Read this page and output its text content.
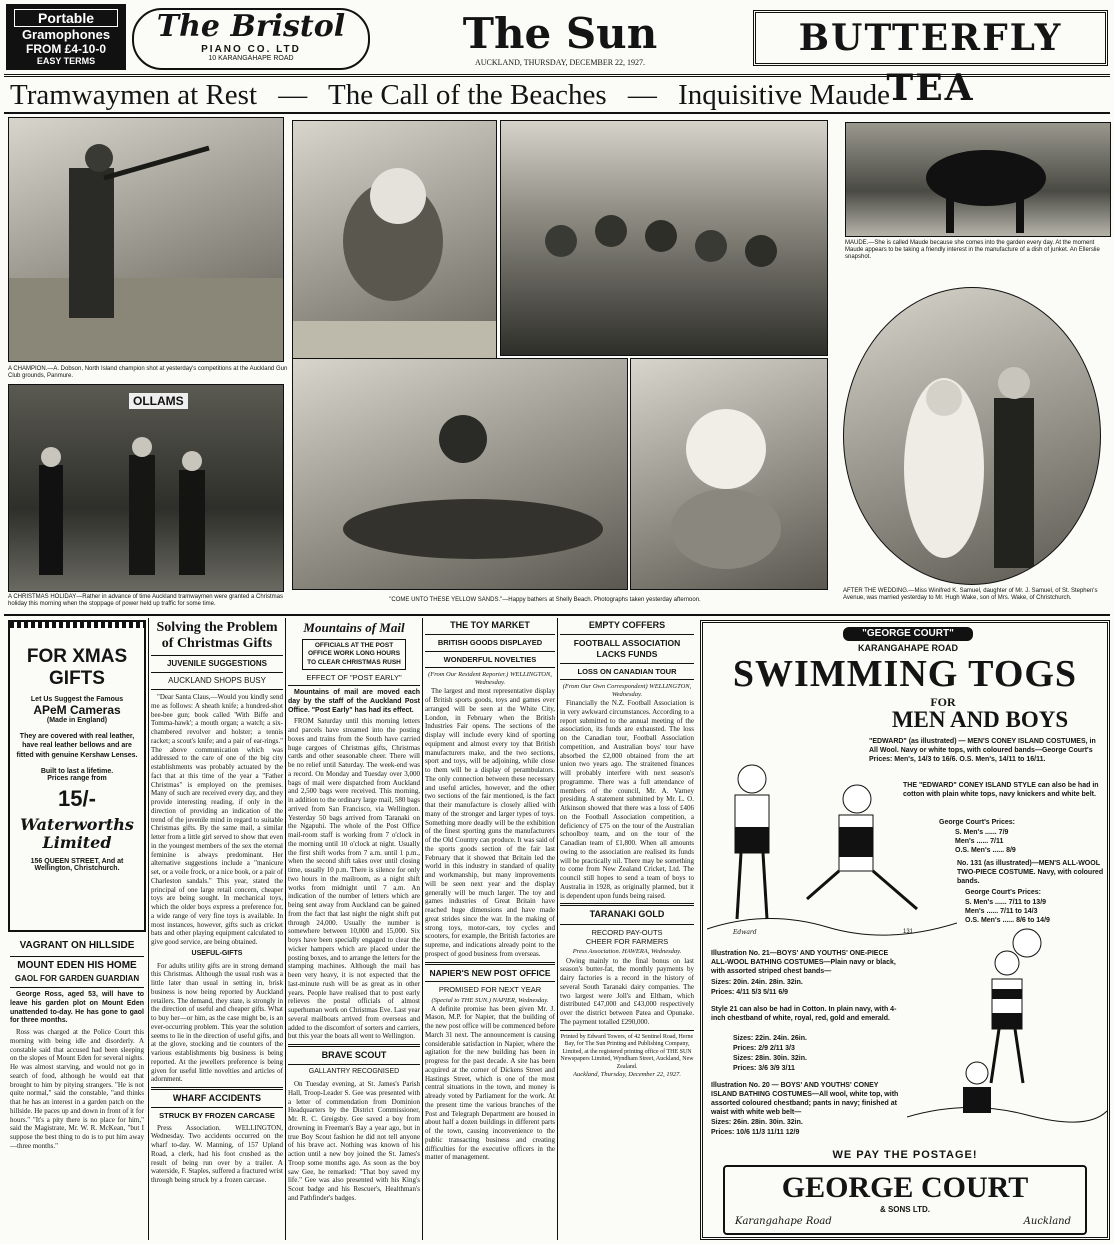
Portable
Gramophones
FROM £4-10-0
EASY TERMS
The Bristol
PIANO CO. LTD
10 KARANGAHAPE ROAD
The Sun
AUCKLAND, THURSDAY, DECEMBER 22, 1927.
BUTTERFLY TEA
Tramwaymen at Rest — The Call of the Beaches — Inquisitive Maude
A CHAMPION.—A. Dobson, North Island champion shot at yesterday's competitions at the Auckland Gun Club grounds, Panmure.
OLLAMS
A CHRISTMAS HOLIDAY—Rather in advance of time Auckland tramwaymen were granted a Christmas holiday this morning when the stoppage of power held up traffic for some time.
"COME UNTO THESE YELLOW SANDS."—Happy bathers at Shelly Beach. Photographs taken yesterday afternoon.
MAUDE.—She is called Maude because she comes into the garden every day. At the moment Maude appears to be taking a friendly interest in the manufacture of a dish of junket. An Ellerslie snapshot.
AFTER THE WEDDING.—Miss Winifred K. Samuel, daughter of Mr. J. Samuel, of St. Stephen's Avenue, was married yesterday to Mr. Hugh Wake, son of Mrs. Wake, of Christchurch.
FOR XMAS GIFTS
Let Us Suggest the Famous
APeM Cameras
(Made in England)
They are covered with real leather, have real leather bellows and are fitted with genuine Kershaw Lenses.
Built to last a lifetime.
Prices range from
15/-
Waterworths Limited
156 QUEEN STREET, And at Wellington, Christchurch.
VAGRANT ON HILLSIDE
MOUNT EDEN HIS HOME
GAOL FOR GARDEN GUARDIAN

George Ross, aged 53, will have to leave his garden plot on Mount Eden unattended to-day. He has gone to gaol for three months.

Ross was charged at the Police Court this morning with being idle and disorderly. A constable said that accused had been sleeping on the slopes of Mount Eden for several nights. He was almost starving, and would not go in search of food, although he would eat that brought to him by pitying strangers. "He is not quite normal," said the constable, "and thinks that he has an interest in a garden patch on the hillside. He paces up and down in front of it for hours." "It's a pity there is no place for him," said the Magistrate, Mr. W. R. McKean, "but I suppose the best thing to do is to put him away—three months."

Solving the Problem of Christmas Gifts
JUVENILE SUGGESTIONS
AUCKLAND SHOPS BUSY

"Dear Santa Claus,—Would you kindly send me as follows: A sheath knife; a hundred-shot bee-bee gun; book called 'With Biffe and Tomma-hawk'; a mouth organ; a watch; a six-chambered revolver and holster; a tennis racket; a scout's knife; and a pair of ear-rings." The above communication which was addressed to the care of one of the big city establishments was probably actuated by the fact that at this time of the year a "Father Christmas" is employed on the premises. Many of such are received every day, and they provide interesting reading, if only in the direction of providing an indication of the trend of the juvenile mind in regard to suitable Christmas gifts. By the same mail, a similar letter from a little girl served to show that even in the youngest members of the sex the eternal feminine is always predominant. Her alternative suggestions include a "manicure set, or a voile frock, or a nice book, or a pair of Charleston sandals." This year, stated the principal of one large retail concern, cheaper toys are being sought. In mechanical toys, which the older boys express a preference for, a wide range of very fine toys is available. In most instances, however, gifts such as cricket bats and other playing equipment calculated to give good service, are being obtained.

USEFUL-GIFTS

For adults utility gifts are in strong demand this Christmas. Although the usual rush was a little later than usual in setting in, brisk business is now being reported by Auckland retailers. The demand, they state, is strongly in the direction of useful and cheaper gifts. What to buy her—or him, as the case might be, is an ever-occurring problem. This year the solution seems to lie in the direction of useful gifts, and at the glove, stocking and tie counters of the various establishments big business is being reported. At the jewellers preference is being given for useful little novelties and articles of adornment.

WHARF ACCIDENTS
STRUCK BY FROZEN CARCASE

Press Association. WELLINGTON, Wednesday. Two accidents occurred on the wharf to-day. W. Manning, of 157 Upland Road, a clerk, had his foot crushed as the result of being run over by a trailer. A waterside, F. Staples, suffered a fractured wrist through being struck by a frozen carcase.

Mountains of Mail
OFFICIALS AT THE POST OFFICE WORK LONG HOURS TO CLEAR CHRISTMAS RUSH
EFFECT OF "POST EARLY"

Mountains of mail are moved each day by the staff of the Auckland Post Office. "Post Early" has had its effect.

FROM Saturday until this morning letters and parcels have streamed into the posting boxes and trains from the South have carried huge cargoes of Christmas gifts, Christmas cards and other seasonable cheer. There will be no relief until Saturday. The week-end was a record. On Monday and Tuesday over 3,000 bags of mail were dispatched from Auckland and 2,500 bags were received. This morning, in addition to the ordinary large mail, 580 bags arrived from San Francisco, via Wellington. Yesterday 50 bags arrived from Taranaki on the Ngapuhi. The whole of the Post Office mail-room staff is working from 7 o'clock in the morning until 10 o'clock at night. Usually the first shift works from 7 a.m. until 1 p.m., when the second shift takes over until closing time, usually 10 p.m. There is silence for only two hours in the mailroom, as a night shift works from midnight until 7 a.m. An indication of the number of letters which are being sent away from Auckland can be gained from the fact that last night the night shift put through 24,000. Usually the number is somewhere between 10,000 and 15,000. Six boys have been specially engaged to clear the wicker hampers which are placed under the posting boxes, and to arrange the letters for the stamping machines. Although the mail has been very heavy, it is not expected that the last-minute rush will be as great as in other years. People have realised that to post early relieves the postal officials of almost superhuman work on Christmas Eve. Last year several mailboats arrived from overseas and added to the discomfort of sorters and carriers, but this year the boats all went to Wellington.

BRAVE SCOUT
GALLANTRY RECOGNISED

On Tuesday evening, at St. James's Parish Hall, Troop-Leader S. Gee was presented with a letter of commendation from Dominion Headquarters by the District Commissioner, Mr. R. C. Greigsby. Gee saved a boy from drowning in Freeman's Bay a year ago, but in true Boy Scout fashion he did not tell anyone of his brave act. Nothing was known of his action until a new boy joined the St. James's Troop some months ago. As soon as the boy saw Gee, he remarked: "That boy saved my life." Gee was also presented with his King's Scout badge and his Rescuer's, Healthman's and Pathfinder's badges.

THE TOY MARKET
BRITISH GOODS DISPLAYED
WONDERFUL NOVELTIES
(From Our Resident Reporter.) WELLINGTON, Wednesday.

The largest and most representative display of British sports goods, toys and games ever arranged will be seen at the White City, London, in February when the British Industries Fair opens. The sections of the display will include every kind of sporting equipment and almost every toy that British manufacturers make, and the two sections, sport and toys, will be adjoining, while close to them will be a display of perambulators. The only connection between these necessary and useful articles, however, and the other two sections of the fair mentioned, is the fact that their manufacture is closely allied with many of the stronger and larger types of toys. Something more deadly will be the exhibition of the finest sporting guns the manufacturers of the Old Country can produce. It was said of the sports goods section of the fair last February that it showed that Britain led the world in this industry in standard of quality and workmanship, but many improvements will be seen next year and the display generally will be much larger. The toy and games industries of Great Britain have reached huge dimensions and have made great strides since the war. In the making of strong toys, motor-cars, toy cycles and scooters, for example, the British factories are supreme, and indications already point to the prospect of good business from overseas.

NAPIER'S NEW POST OFFICE
PROMISED FOR NEXT YEAR
(Special to THE SUN.) NAPIER, Wednesday.

A definite promise has been given Mr. J. Mason, M.P. for Napier, that the building of the new post office will be commenced before March 31 next. The announcement is causing considerable satisfaction in Napier, where the agitation for the new building has been in progress for the past decade. A site has been acquired at the corner of Dickens Street and Hastings Street, which is one of the most central situations in the town, and money is already voted by Parliament for the work. At the present time the various branches of the Post and Telegraph Department are housed in about half a dozen buildings in different parts of the town, causing inconvenience to the public transacting business and creating difficulties for the executive officers in the matter of management.

EMPTY COFFERS
FOOTBALL ASSOCIATION LACKS FUNDS
LOSS ON CANADIAN TOUR
(From Our Own Correspondent) WELLINGTON, Wednesday.

Financially the N.Z. Football Association is in very awkward circumstances. According to a report submitted to the annual meeting of the association, its funds are exhausted. The loss on the Canadian tour, Football Association competition, and Australian boys' tour have absorbed the £2,000 obtained from the art union two years ago. The straitened finances will probably interfere with next season's programme. There was a full attendance of members of the council, Mr. A. Varney presiding. A statement submitted by Mr. L. O. Atkinson showed that there was a loss of £406 on the Football Association competition, a deficiency of £75 on the tour of the Australian schoolboy team, and on the tour of the Canadian team of £1,800. When all amounts owing to the association are realised its funds will be practically nil. There may be something to come from New Zealand Cricket, Ltd. The council still hopes to send a team of boys to Australia in 1928, as originally planned, but it is dependent upon funds being raised.

TARANAKI GOLD
RECORD PAY-OUTS
CHEER FOR FARMERS
Press Association. HAWERA, Wednesday.

Owing mainly to the final bonus on last season's butter-fat, the monthly payments by dairy factories is a record in the history of several South Taranaki dairy companies. The two largest were Joll's and Eltham, which distributed £47,000 and £43,000 respectively over the district between Patea and Opunake. The payment totalled £290,000.

Printed by Edward Towers, of 42 Sentinel Road, Herne Bay, for The Sun Printing and Publishing Company, Limited, at the registered printing office of THE SUN Newspapers Limited, Wyndham Street, Auckland, New Zealand.
Auckland, Thursday, December 22, 1927.
"GEORGE COURT"
KARANGAHAPE ROAD
SWIMMING TOGS
FOR
MEN AND BOYS
"EDWARD" (as illustrated) — MEN'S CONEY ISLAND COSTUMES, in All Wool. Navy or white tops, with coloured bands—George Court's Prices: Men's, 14/3 to 16/6. O.S. Men's, 14/11 to 16/11.
THE "EDWARD" CONEY ISLAND STYLE can also be had in cotton with plain white tops, navy knickers and white belt.
George Court's Prices:
S. Men's ...... 7/9
Men's ...... 7/11
O.S. Men's ...... 8/9
No. 131 (as illustrated)—MEN'S ALL-WOOL TWO-PIECE COSTUME. Navy, with coloured bands.
George Court's Prices:
S. Men's ...... 7/11 to 13/9
Men's ...... 7/11 to 14/3
O.S. Men's ...... 8/6 to 14/9
Edward	131
Illustration No. 21—BOYS' AND YOUTHS' ONE-PIECE ALL-WOOL BATHING COSTUMES—Plain navy or black, with assorted striped chest bands—
Sizes: 20in. 24in. 28in. 32in.
Prices: 4/11 5/3 5/11 6/9
Style 21 can also be had in Cotton. In plain navy, with 4-inch chestband of white, royal, red, gold and emerald.
Sizes: 22in. 24in. 26in.
Prices: 2/9 2/11 3/3
Sizes: 28in. 30in. 32in.
Prices: 3/6 3/9 3/11
Illustration No. 20 — BOYS' AND YOUTHS' CONEY ISLAND BATHING COSTUMES—All wool, white top, with assorted coloured chestband; pants in navy; finished at waist with white web belt—
Sizes: 26in. 28in. 30in. 32in.
Prices: 10/6 11/3 11/11 12/9
WE PAY THE POSTAGE!
GEORGE COURT
& SONS LTD.
Karangahape Road	Auckland
